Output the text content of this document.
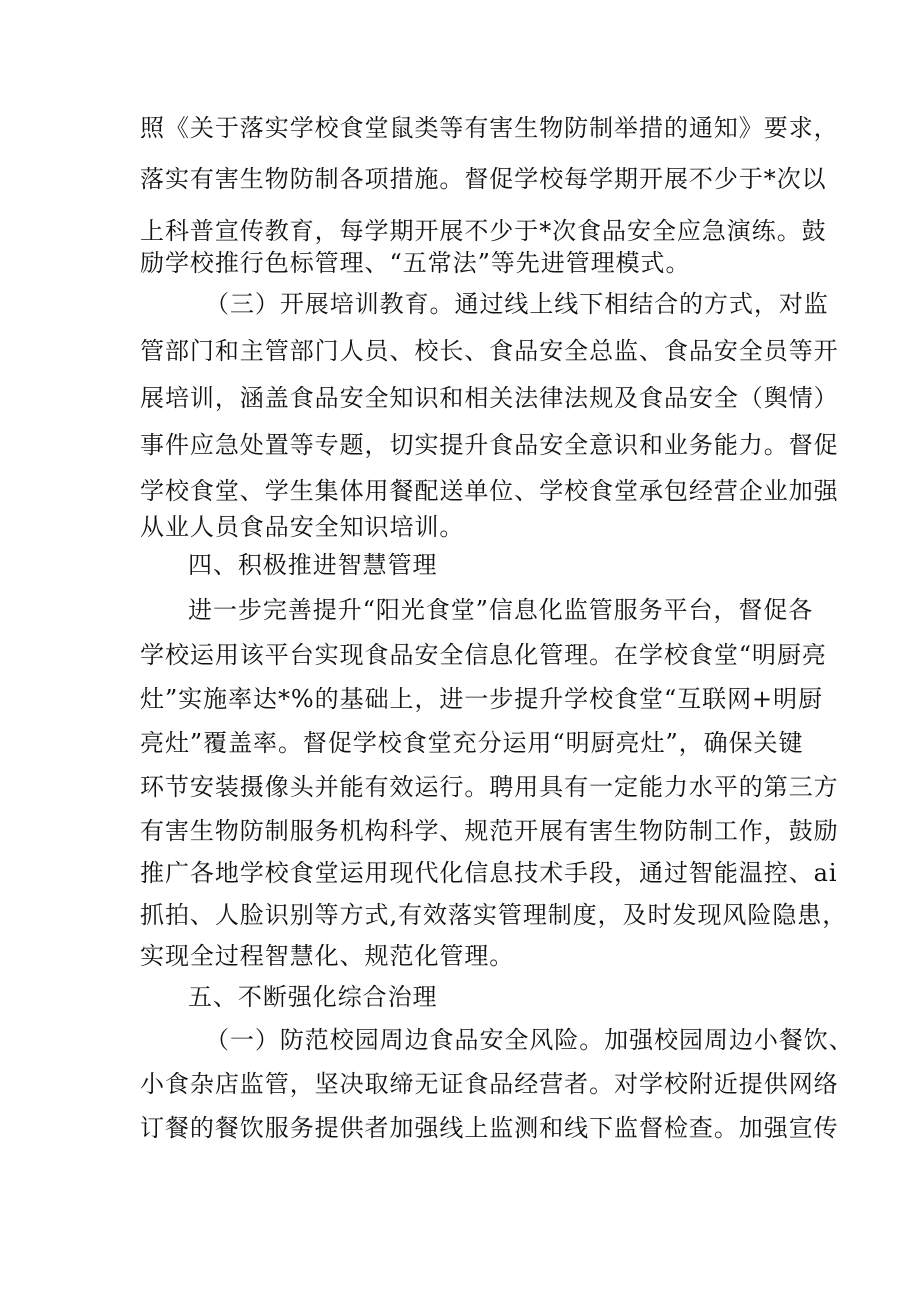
照《关于落实学校食堂鼠类等有害生物防制举措的通知》要求，
落实有害生物防制各项措施。督促学校每学期开展不少于*次以
上科普宣传教育，每学期开展不少于*次食品安全应急演练。鼓
励学校推行色标管理、“五常法”等先进管理模式。
（三）开展培训教育。通过线上线下相结合的方式，对监
管部门和主管部门人员、校长、食品安全总监、食品安全员等开
展培训，涵盖食品安全知识和相关法律法规及食品安全（舆情）
事件应急处置等专题，切实提升食品安全意识和业务能力。督促
学校食堂、学生集体用餐配送单位、学校食堂承包经营企业加强
从业人员食品安全知识培训。
四、积极推进智慧管理
进一步完善提升“阳光食堂”信息化监管服务平台，督促各
学校运用该平台实现食品安全信息化管理。在学校食堂“明厨亮
灶”实施率达*%的基础上，进一步提升学校食堂“互联网+明厨
亮灶”覆盖率。督促学校食堂充分运用“明厨亮灶”，确保关键
环节安装摄像头并能有效运行。聘用具有一定能力水平的第三方
有害生物防制服务机构科学、规范开展有害生物防制工作，鼓励
推广各地学校食堂运用现代化信息技术手段，通过智能温控、ai
抓拍、人脸识别等方式,有效落实管理制度，及时发现风险隐患，
实现全过程智慧化、规范化管理。
五、不断强化综合治理
（一）防范校园周边食品安全风险。加强校园周边小餐饮、
小食杂店监管，坚决取缔无证食品经营者。对学校附近提供网络
订餐的餐饮服务提供者加强线上监测和线下监督检查。加强宣传
